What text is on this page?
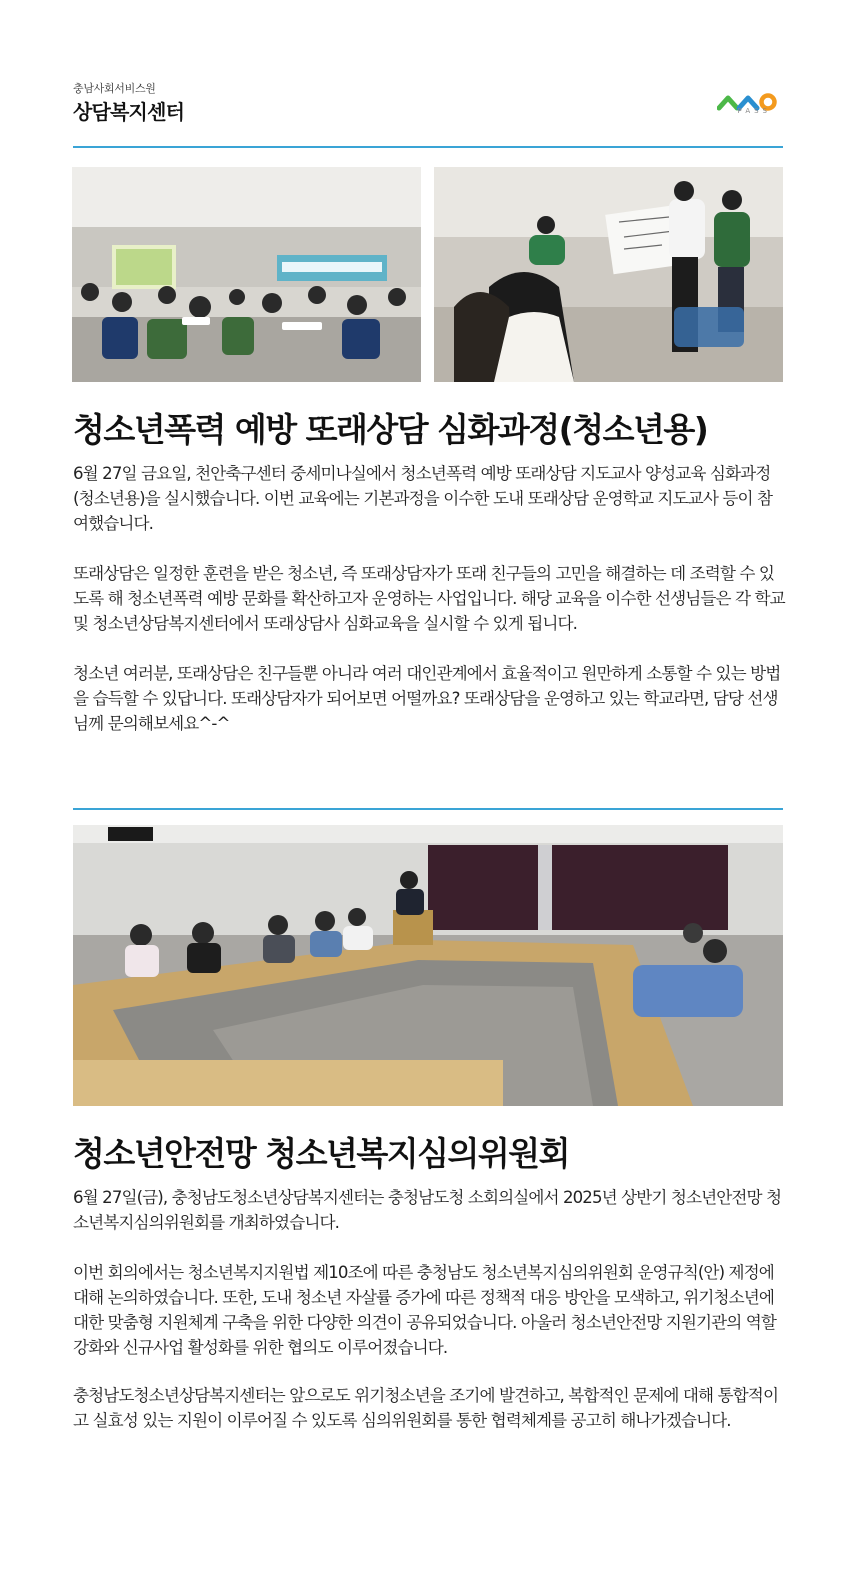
충남사회서비스원
상담복지센터	PASS
청소년폭력 예방 또래상담 심화과정(청소년용)

6월 27일 금요일, 천안축구센터 중세미나실에서 청소년폭력 예방 또래상담 지도교사 양성교육 심화과정(청소년용)을 실시했습니다. 이번 교육에는 기본과정을 이수한 도내 또래상담 운영학교 지도교사 등이 참여했습니다.

또래상담은 일정한 훈련을 받은 청소년, 즉 또래상담자가 또래 친구들의 고민을 해결하는 데 조력할 수 있도록 해 청소년폭력 예방 문화를 확산하고자 운영하는 사업입니다. 해당 교육을 이수한 선생님들은 각 학교 및 청소년상담복지센터에서 또래상담사 심화교육을 실시할 수 있게 됩니다.

청소년 여러분, 또래상담은 친구들뿐 아니라 여러 대인관계에서 효율적이고 원만하게 소통할 수 있는 방법을 습득할 수 있답니다. 또래상담자가 되어보면 어떨까요? 또래상담을 운영하고 있는 학교라면, 담당 선생님께 문의해보세요^-^

청소년안전망 청소년복지심의위원회

6월 27일(금), 충청남도청소년상담복지센터는 충청남도청 소회의실에서 2025년 상반기 청소년안전망 청소년복지심의위원회를 개최하였습니다.

이번 회의에서는 청소년복지지원법 제10조에 따른 충청남도 청소년복지심의위원회 운영규칙(안) 제정에 대해 논의하였습니다. 또한, 도내 청소년 자살률 증가에 따른 정책적 대응 방안을 모색하고, 위기청소년에 대한 맞춤형 지원체계 구축을 위한 다양한 의견이 공유되었습니다. 아울러 청소년안전망 지원기관의 역할 강화와 신규사업 활성화를 위한 협의도 이루어졌습니다.

충청남도청소년상담복지센터는 앞으로도 위기청소년을 조기에 발견하고, 복합적인 문제에 대해 통합적이고 실효성 있는 지원이 이루어질 수 있도록 심의위원회를 통한 협력체계를 공고히 해나가겠습니다.
